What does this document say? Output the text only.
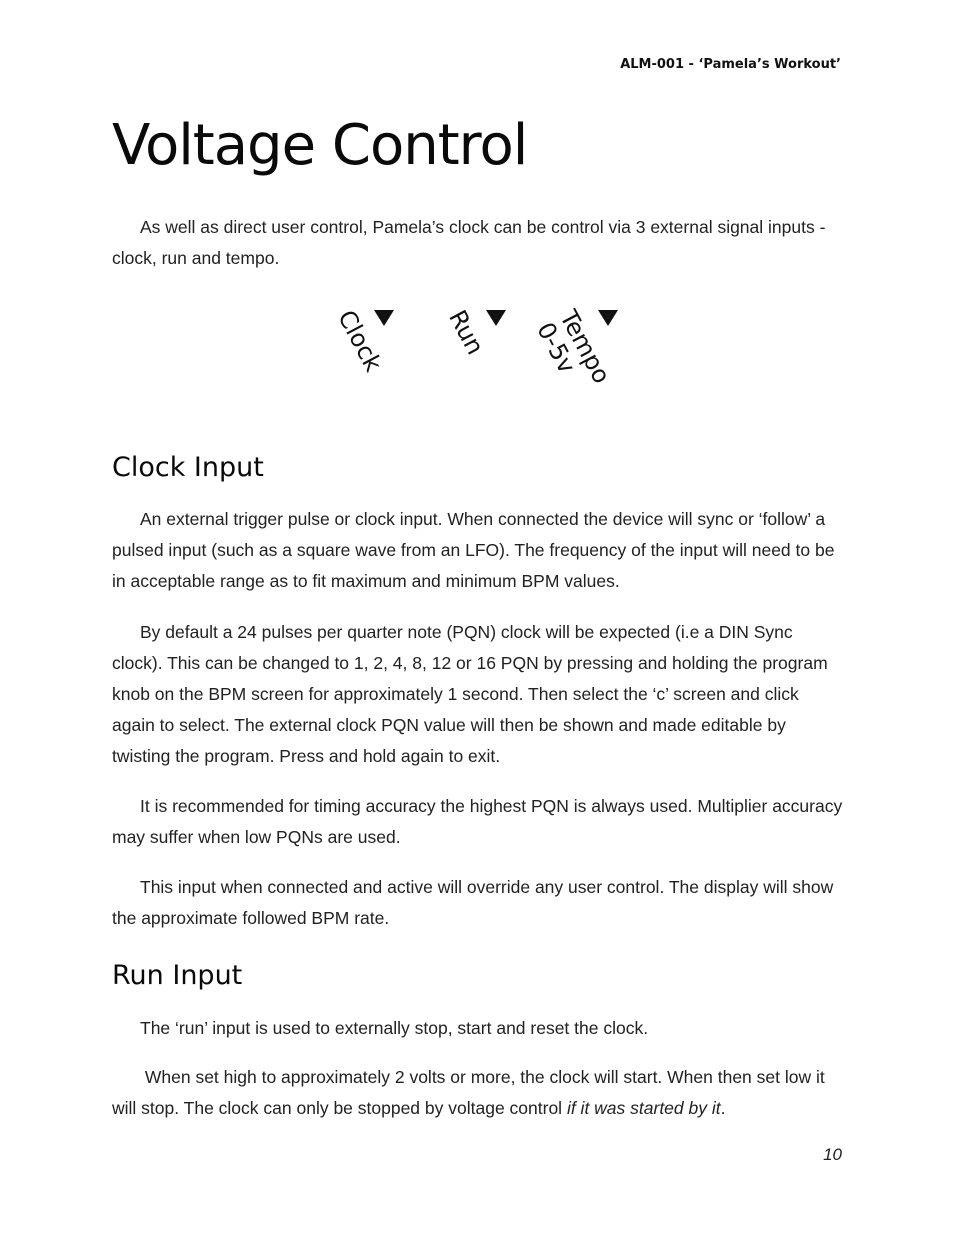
ALM-001 - ‘Pamela’s Workout’
Voltage Control

As well as direct user control, Pamela’s clock can be control via 3 external signal inputs - clock, run and tempo.

Clock Run	Tempo
0-5v
Clock Input

An external trigger pulse or clock input. When connected the device will sync or ‘follow’ a pulsed input (such as a square wave from an LFO). The frequency of the input will need to be in acceptable range as to fit maximum and minimum BPM values.

By default a 24 pulses per quarter note (PQN) clock will be expected (i.e a DIN Sync clock). This can be changed to 1, 2, 4, 8, 12 or 16 PQN by pressing and holding the program knob on the BPM screen for approximately 1 second. Then select the ‘c’ screen and click again to select. The external clock PQN value will then be shown and made editable by twisting the program. Press and hold again to exit.

It is recommended for timing accuracy the highest PQN is always used. Multiplier accuracy may suffer when low PQNs are used.

This input when connected and active will override any user control. The display will show the approximate followed BPM rate.

Run Input

The ‘run’ input is used to externally stop, start and reset the clock.

When set high to approximately 2 volts or more, the clock will start. When then set low it will stop. The clock can only be stopped by voltage control if it was started by it.

10
